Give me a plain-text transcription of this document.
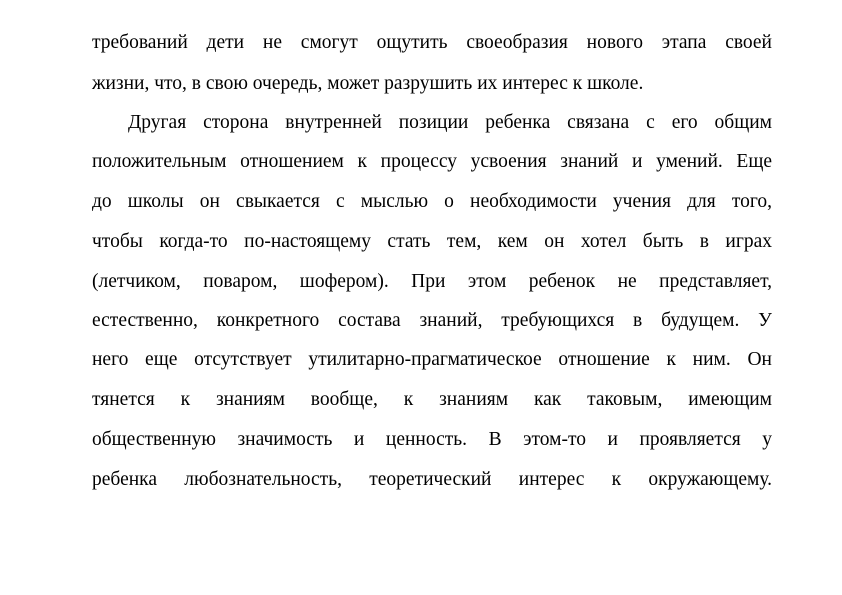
требований дети не смогут ощутить своеобразия нового этапа своей
жизни, что, в свою очередь, может разрушить их интерес к школе.
Другая сторона внутренней позиции ребенка связана с его общим
положительным отношением к процессу усвоения знаний и умений. Еще
до школы он свыкается с мыслью о необходимости учения для того,
чтобы когда-то по-настоящему стать тем, кем он хотел быть в играх
(летчиком, поваром, шофером). При этом ребенок не представляет,
естественно, конкретного состава знаний, требующихся в будущем. У
него еще отсутствует утилитарно-прагматическое отношение к ним. Он
тянется к знаниям вообще, к знаниям как таковым, имеющим
общественную значимость и ценность. В этом-то и проявляется у
ребенка любознательность, теоретический интерес к окружающему.
